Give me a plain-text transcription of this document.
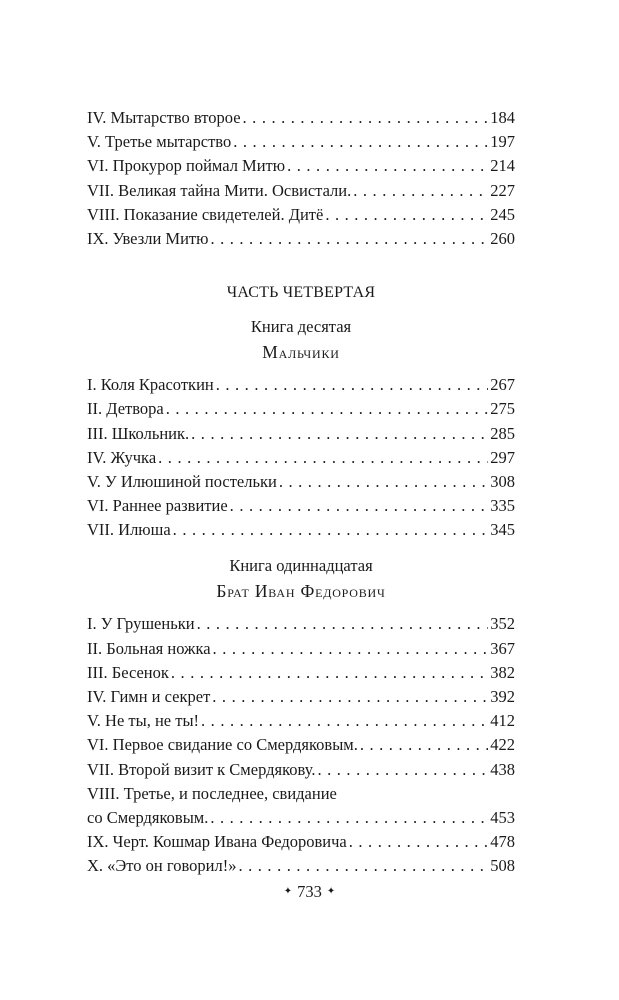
IV. Мытарство второе . . .	184
V. Третье мытарство . . .	197
VI. Прокурор поймал Митю . . .	214
VII. Великая тайна Мити. Освистали. . . .	227
VIII. Показание свидетелей. Дитё . . .	245
IX. Увезли Митю . . .	260
ЧАСТЬ ЧЕТВЕРТАЯ
Книга десятая
Мальчики
I. Коля Красоткин . . .	267
II. Детвора . . .	275
III. Школьник. . . .	285
IV. Жучка . . .	297
V. У Илюшиной постельки . . .	308
VI. Раннее развитие . . .	335
VII. Илюша . . .	345
Книга одиннадцатая
Брат Иван Федорович
I. У Грушеньки . . .	352
II. Больная ножка . . .	367
III. Бесенок . . .	382
IV. Гимн и секрет . . .	392
V. Не ты, не ты! . . .	412
VI. Первое свидание со Смердяковым. . . .	422
VII. Второй визит к Смердякову. . . .	438
VIII. Третье, и последнее, свидание
со Смердяковым. . . .	453
IX. Черт. Кошмар Ивана Федоровича . . .	478
X. «Это он говорил!» . . .	508
✦ 733 ✦
